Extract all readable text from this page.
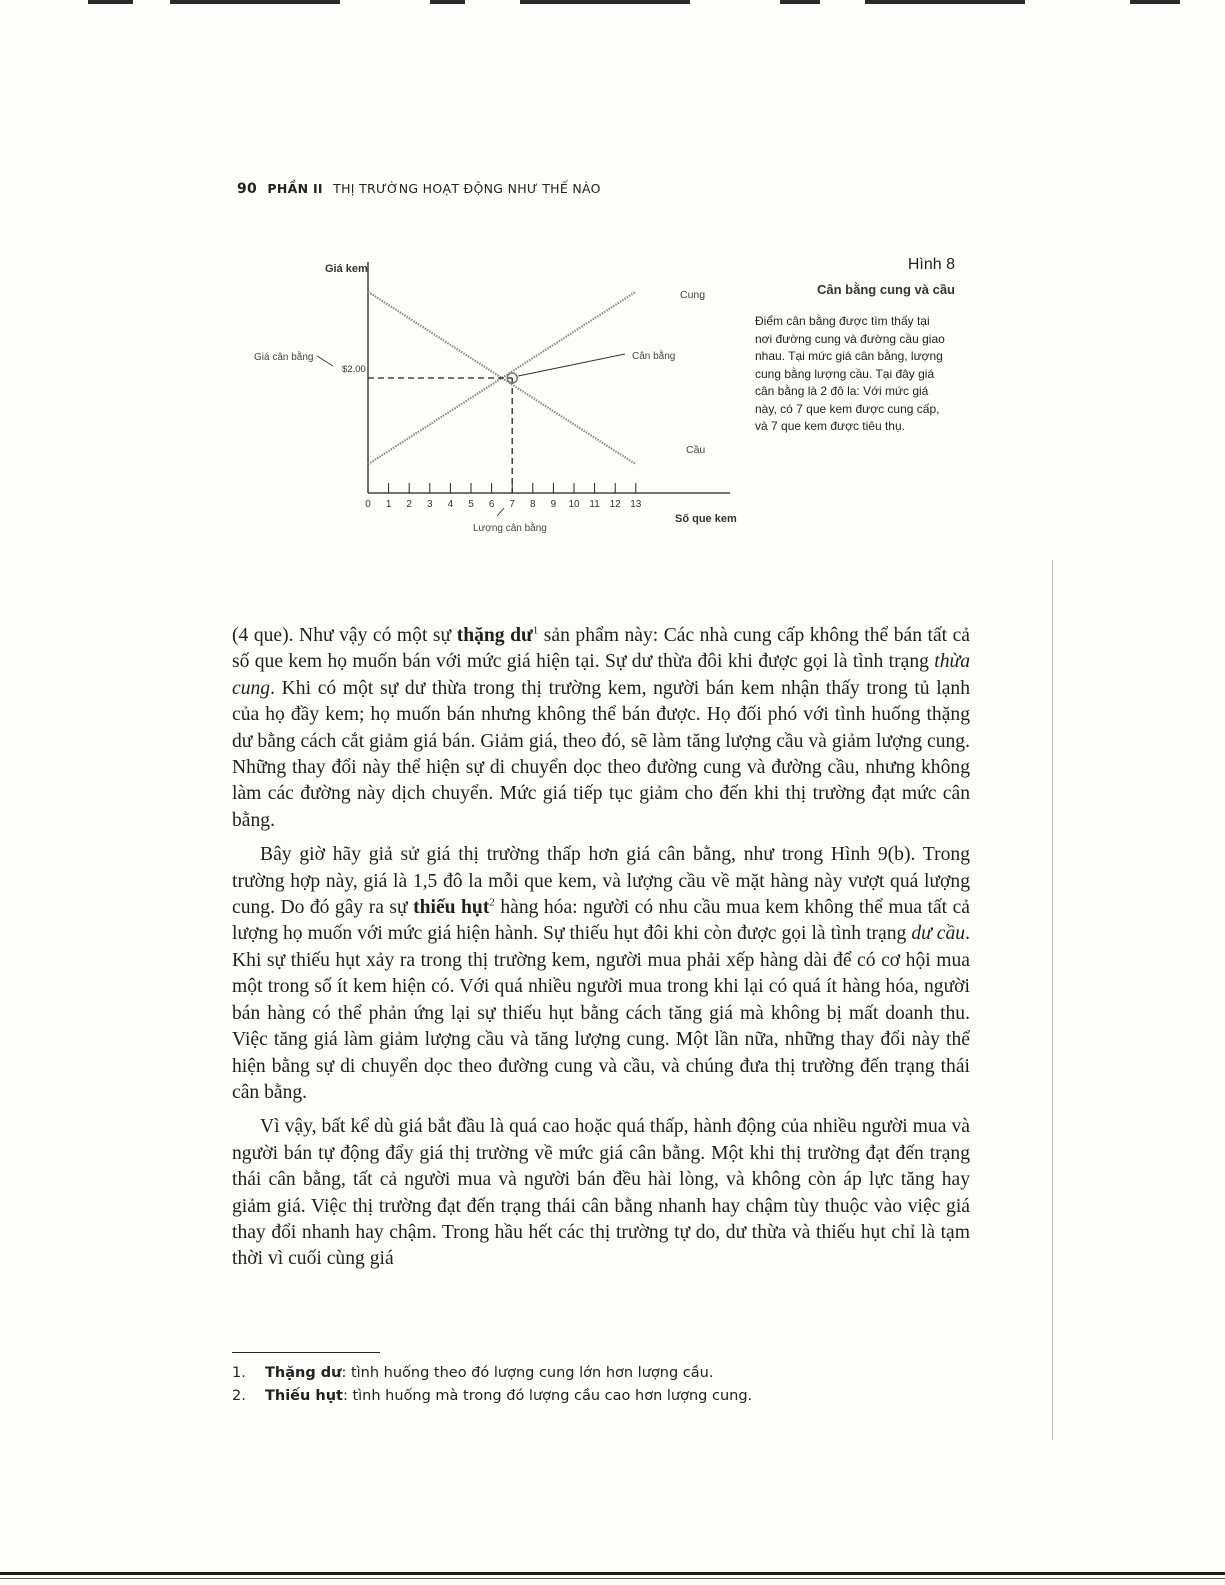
90 PHẦN II THỊ TRƯỜNG HOẠT ĐỘNG NHƯ THẾ NÀO
Giá kem
Số que kem
Giá cân bằng	Cân bằng
Lượng cân bằng
$2,00
Cung
Cầu
0 1 2 3 4 5 6 7 8 9 10 11 12 13
Hình 8
Cân bằng cung và cầu
Điểm cân bằng được tìm thấy tại nơi đường cung và đường cầu giao nhau. Tại mức giá cân bằng, lượng cung bằng lượng cầu. Tại đây giá cân bằng là 2 đô la: Với mức giá này, có 7 que kem được cung cấp, và 7 que kem được tiêu thụ.

(4 que). Như vậy có một sự thặng $dư^1$ sản phẩm này: Các nhà cung cấp không thể bán tất cả số que kem họ muốn bán với mức giá hiện tại. Sự dư thừa đôi khi được gọi là tình trạng thừa cung. Khi có một sự dư thừa trong thị trường kem, người bán kem nhận thấy trong tủ lạnh của họ đầy kem; họ muốn bán nhưng không thể bán được. Họ đối phó với tình huống thặng dư bằng cách cắt giảm giá bán. Giảm giá, theo đó, sẽ làm tăng lượng cầu và giảm lượng cung. Những thay đổi này thể hiện sự di chuyển dọc theo đường cung và đường cầu, nhưng không làm các đường này dịch chuyển. Mức giá tiếp tục giảm cho đến khi thị trường đạt mức cân bằng.

Bây giờ hãy giả sử giá thị trường thấp hơn giá cân bằng, như trong Hình 9(b). Trong trường hợp này, giá là 1,5 đô la mỗi que kem, và lượng cầu về mặt hàng này vượt quá lượng cung. Do đó gây ra sự thiếu hụt$^2$ hàng hóa: người có nhu cầu mua kem không thể mua tất cả lượng họ muốn với mức giá hiện hành. Sự thiếu hụt đôi khi còn được gọi là tình trạng dư cầu. Khi sự thiếu hụt xảy ra trong thị trường kem, người mua phải xếp hàng dài để có cơ hội mua một trong số ít kem hiện có. Với quá nhiều người mua trong khi lại có quá ít hàng hóa, người bán hàng có thể phản ứng lại sự thiếu hụt bằng cách tăng giá mà không bị mất doanh thu. Việc tăng giá làm giảm lượng cầu và tăng lượng cung. Một lần nữa, những thay đổi này thể hiện bằng sự di chuyển dọc theo đường cung và cầu, và chúng đưa thị trường đến trạng thái cân bằng.

Vì vậy, bất kể dù giá bắt đầu là quá cao hoặc quá thấp, hành động của nhiều người mua và người bán tự động đẩy giá thị trường về mức giá cân bằng. Một khi thị trường đạt đến trạng thái cân bằng, tất cả người mua và người bán đều hài lòng, và không còn áp lực tăng hay giảm giá. Việc thị trường đạt đến trạng thái cân bằng nhanh hay chậm tùy thuộc vào việc giá thay đổi nhanh hay chậm. Trong hầu hết các thị trường tự do, dư thừa và thiếu hụt chỉ là tạm thời vì cuối cùng giá

1.	Thặng dư: tình huống theo đó lượng cung lớn hơn lượng cầu.
2.	Thiếu hụt: tình huống mà trong đó lượng cầu cao hơn lượng cung.
